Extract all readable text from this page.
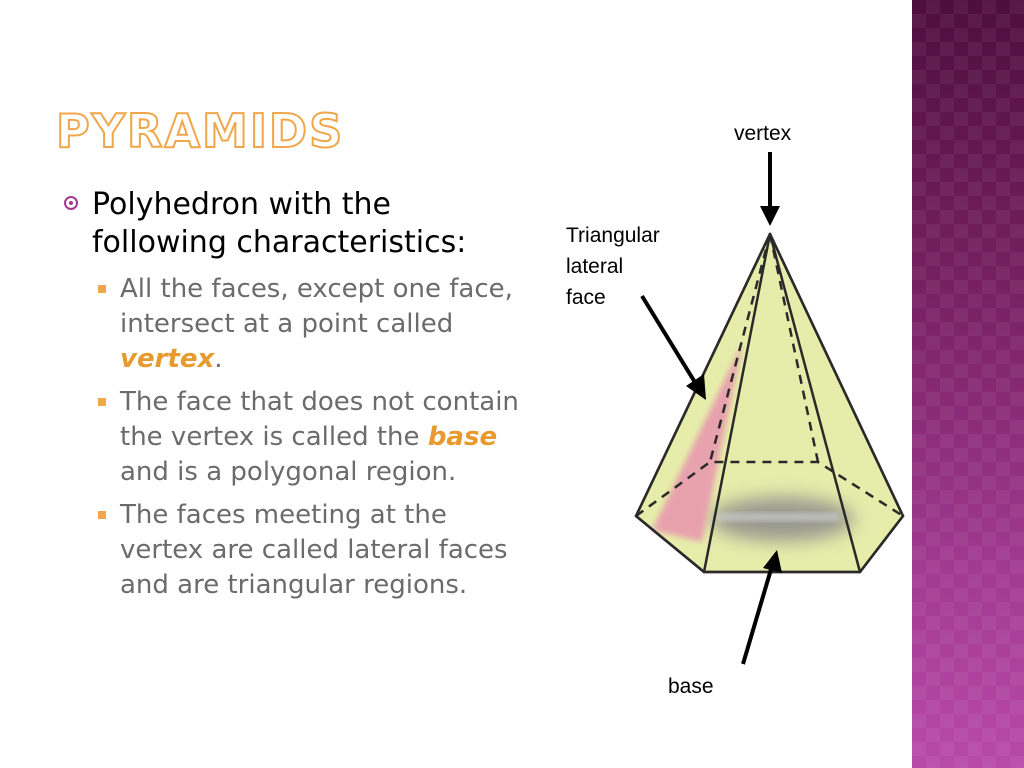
PYRAMIDS
Polyhedron with the following characteristics:
All the faces, except one face, intersect at a point called vertex.
The face that does not contain the vertex is called the base and is a polygonal region.
The faces meeting at the vertex are called lateral faces and are triangular regions.
vertex
Triangular
lateral
face
base
